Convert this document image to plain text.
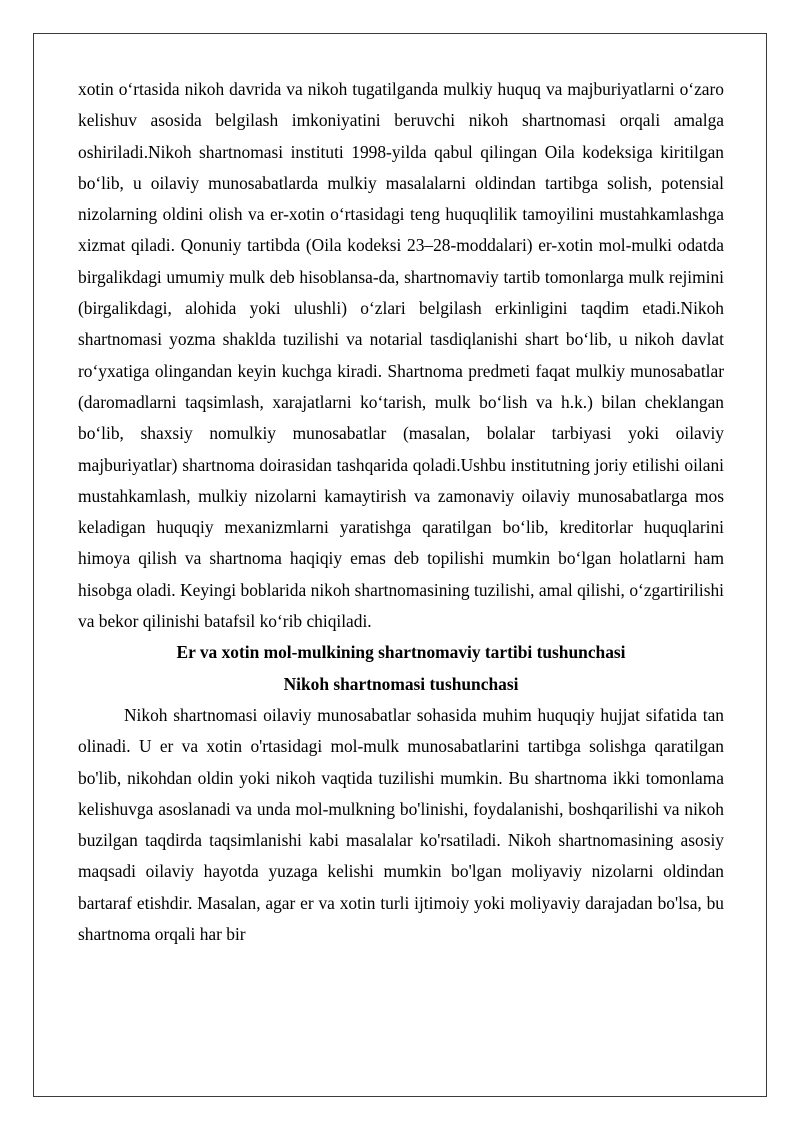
xotin oʻrtasida nikoh davrida va nikoh tugatilganda mulkiy huquq va majburiyatlarni oʻzaro kelishuv asosida belgilash imkoniyatini beruvchi nikoh shartnomasi orqali amalga oshiriladi.Nikoh shartnomasi instituti 1998-yilda qabul qilingan Oila kodeksiga kiritilgan boʻlib, u oilaviy munosabatlarda mulkiy masalalarni oldindan tartibga solish, potensial nizolarning oldini olish va er-xotin oʻrtasidagi teng huquqlilik tamoyilini mustahkamlashga xizmat qiladi. Qonuniy tartibda (Oila kodeksi 23–28-moddalari) er-xotin mol-mulki odatda birgalikdagi umumiy mulk deb hisoblansa-da, shartnomaviy tartib tomonlarga mulk rejimini (birgalikdagi, alohida yoki ulushli) oʻzlari belgilash erkinligini taqdim etadi.Nikoh shartnomasi yozma shaklda tuzilishi va notarial tasdiqlanishi shart boʻlib, u nikoh davlat roʻyxatiga olingandan keyin kuchga kiradi. Shartnoma predmeti faqat mulkiy munosabatlar (daromadlarni taqsimlash, xarajatlarni koʻtarish, mulk boʻlish va h.k.) bilan cheklangan boʻlib, shaxsiy nomulkiy munosabatlar (masalan, bolalar tarbiyasi yoki oilaviy majburiyatlar) shartnoma doirasidan tashqarida qoladi.Ushbu institutning joriy etilishi oilani mustahkamlash, mulkiy nizolarni kamaytirish va zamonaviy oilaviy munosabatlarga mos keladigan huquqiy mexanizmlarni yaratishga qaratilgan boʻlib, kreditorlar huquqlarini himoya qilish va shartnoma haqiqiy emas deb topilishi mumkin boʻlgan holatlarni ham hisobga oladi. Keyingi boblarida nikoh shartnomasining tuzilishi, amal qilishi, oʻzgartirilishi va bekor qilinishi batafsil koʻrib chiqiladi.

Er va xotin mol-mulkining shartnomaviy tartibi tushunchasi

Nikoh shartnomasi tushunchasi

Nikoh shartnomasi oilaviy munosabatlar sohasida muhim huquqiy hujjat sifatida tan olinadi. U er va xotin o'rtasidagi mol-mulk munosabatlarini tartibga solishga qaratilgan bo'lib, nikohdan oldin yoki nikoh vaqtida tuzilishi mumkin. Bu shartnoma ikki tomonlama kelishuvga asoslanadi va unda mol-mulkning bo'linishi, foydalanishi, boshqarilishi va nikoh buzilgan taqdirda taqsimlanishi kabi masalalar ko'rsatiladi. Nikoh shartnomasining asosiy maqsadi oilaviy hayotda yuzaga kelishi mumkin bo'lgan moliyaviy nizolarni oldindan bartaraf etishdir. Masalan, agar er va xotin turli ijtimoiy yoki moliyaviy darajadan bo'lsa, bu shartnoma orqali har bir
